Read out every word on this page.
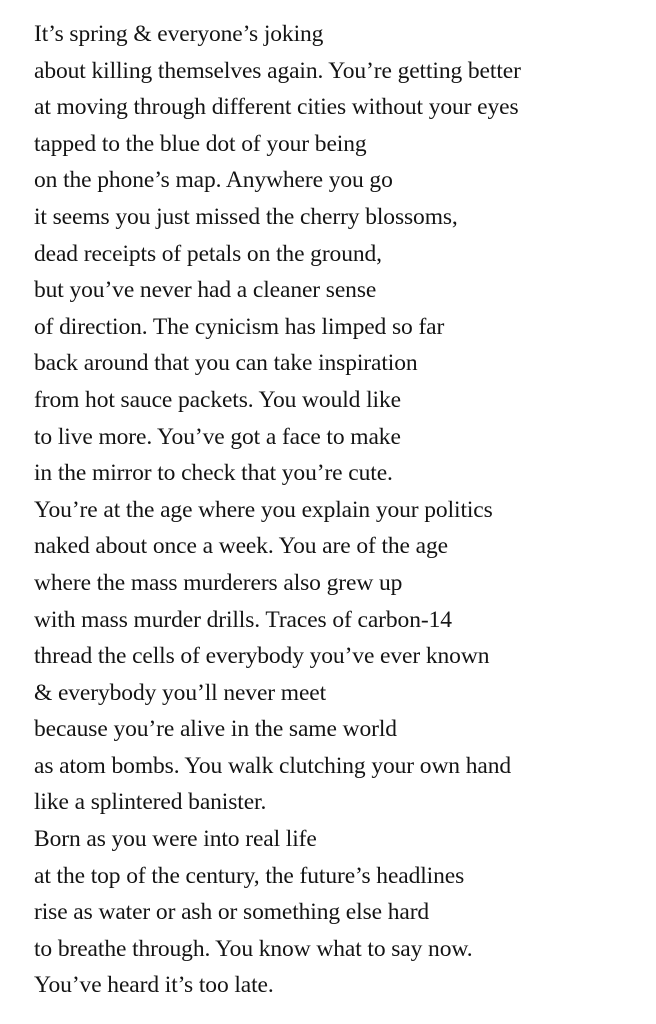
It’s spring & everyone’s joking
about killing themselves again. You’re getting better
at moving through different cities without your eyes
tapped to the blue dot of your being
on the phone’s map. Anywhere you go
it seems you just missed the cherry blossoms,
dead receipts of petals on the ground,
but you’ve never had a cleaner sense
of direction. The cynicism has limped so far
back around that you can take inspiration
from hot sauce packets. You would like
to live more. You’ve got a face to make
in the mirror to check that you’re cute.
You’re at the age where you explain your politics
naked about once a week. You are of the age
where the mass murderers also grew up
with mass murder drills. Traces of carbon-14
thread the cells of everybody you’ve ever known
& everybody you’ll never meet
because you’re alive in the same world
as atom bombs. You walk clutching your own hand
like a splintered banister.
Born as you were into real life
at the top of the century, the future’s headlines
rise as water or ash or something else hard
to breathe through. You know what to say now.
You’ve heard it’s too late.
